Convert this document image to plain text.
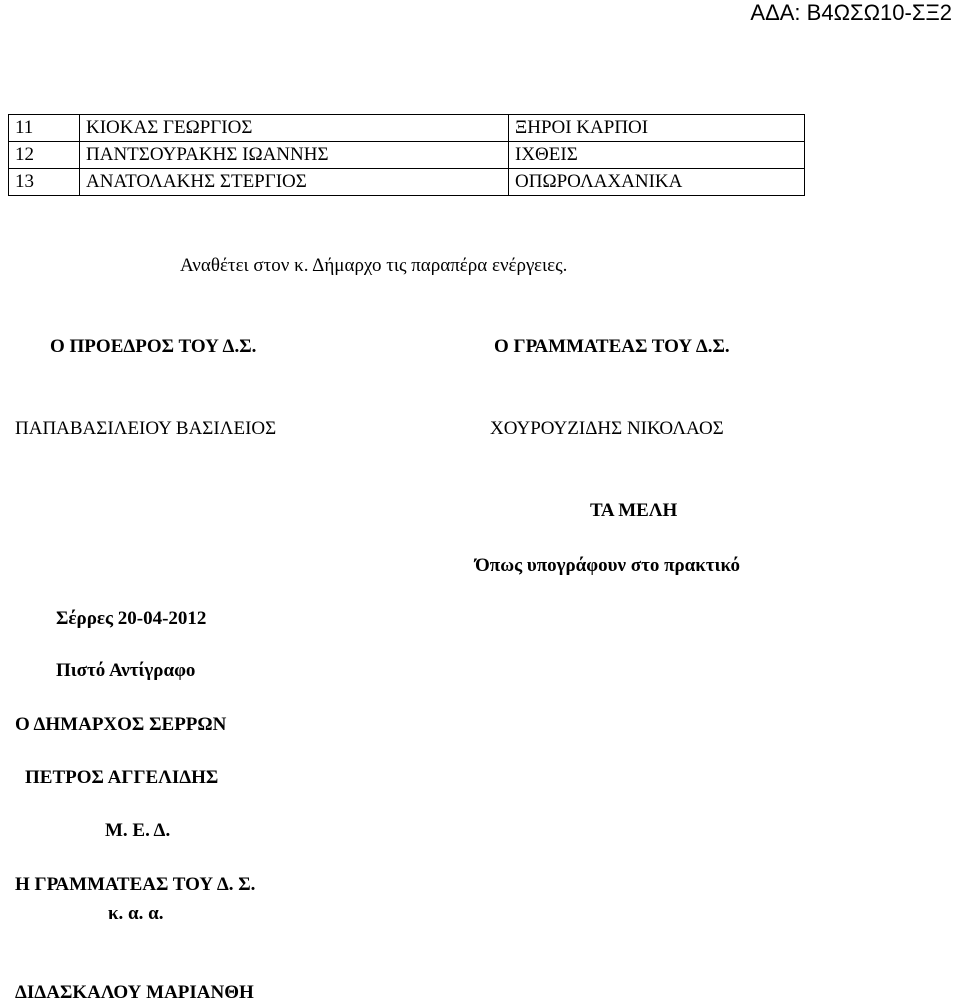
ΑΔΑ: Β4ΩΣΩ10-ΣΞ2
11	ΚΙΟΚΑΣ ΓΕΩΡΓΙΟΣ	ΞΗΡΟΙ ΚΑΡΠΟΙ
12	ΠΑΝΤΣΟΥΡΑΚΗΣ ΙΩΑΝΝΗΣ	ΙΧΘΕΙΣ
13	ΑΝΑΤΟΛΑΚΗΣ ΣΤΕΡΓΙΟΣ	ΟΠΩΡΟΛΑΧΑΝΙΚΑ
Αναθέτει στον κ. Δήμαρχο τις παραπέρα ενέργειες.
Ο ΠΡΟΕΔΡΟΣ ΤΟΥ Δ.Σ.	Ο ΓΡΑΜΜΑΤΕΑΣ ΤΟΥ Δ.Σ.
ΠΑΠΑΒΑΣΙΛΕΙΟΥ ΒΑΣΙΛΕΙΟΣ	ΧΟΥΡΟΥΖΙΔΗΣ ΝΙΚΟΛΑΟΣ
ΤΑ ΜΕΛΗ
Όπως υπογράφουν στο πρακτικό
Σέρρες 20-04-2012
Πιστό Αντίγραφο
Ο ΔΗΜΑΡΧΟΣ ΣΕΡΡΩΝ
ΠΕΤΡΟΣ ΑΓΓΕΛΙΔΗΣ
Μ. Ε. Δ.
Η ΓΡΑΜΜΑΤΕΑΣ ΤΟΥ Δ. Σ.
κ. α. α.
ΔΙΔΑΣΚΑΛΟΥ ΜΑΡΙΑΝΘΗ
